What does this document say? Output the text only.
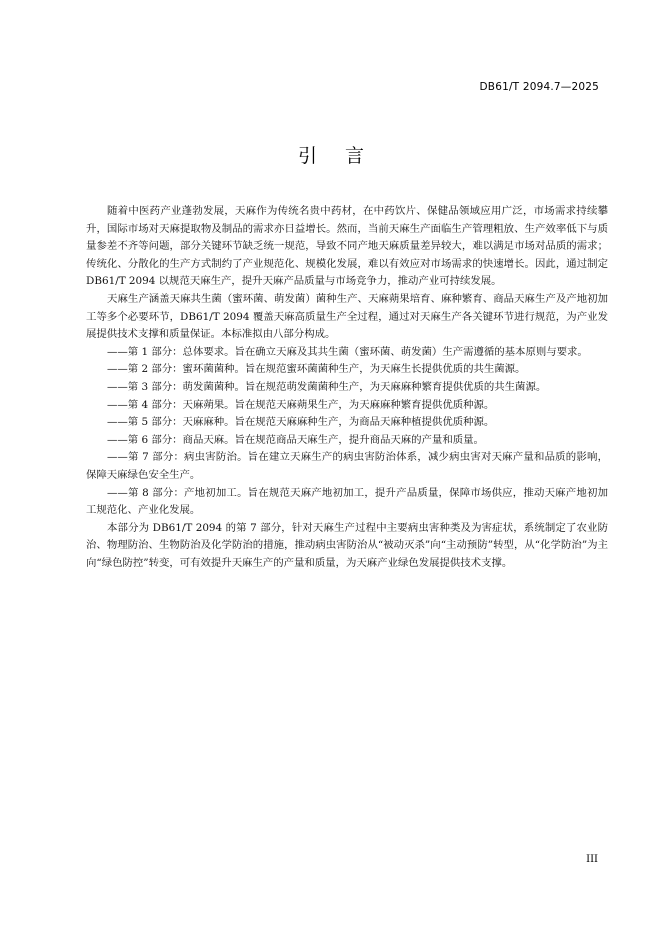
DB61/T 2094.7—2025
引言

随着中医药产业蓬勃发展，天麻作为传统名贵中药材，在中药饮片、保健品领域应用广泛，市场需求持续攀升，国际市场对天麻提取物及制品的需求亦日益增长。然而，当前天麻生产面临生产管理粗放、生产效率低下与质量参差不齐等问题，部分关键环节缺乏统一规范，导致不同产地天麻质量差异较大，难以满足市场对品质的需求；传统化、分散化的生产方式制约了产业规范化、规模化发展，难以有效应对市场需求的快速增长。因此，通过制定 DB61/T 2094 以规范天麻生产，提升天麻产品质量与市场竞争力，推动产业可持续发展。

天麻生产涵盖天麻共生菌（蜜环菌、萌发菌）菌种生产、天麻蒴果培育、麻种繁育、商品天麻生产及产地初加工等多个必要环节，DB61/T 2094 覆盖天麻高质量生产全过程，通过对天麻生产各关键环节进行规范，为产业发展提供技术支撑和质量保证。本标准拟由八部分构成。

——第 1 部分：总体要求。旨在确立天麻及其共生菌（蜜环菌、萌发菌）生产需遵循的基本原则与要求。

——第 2 部分：蜜环菌菌种。旨在规范蜜环菌菌种生产，为天麻生长提供优质的共生菌源。

——第 3 部分：萌发菌菌种。旨在规范萌发菌菌种生产，为天麻麻种繁育提供优质的共生菌源。

——第 4 部分：天麻蒴果。旨在规范天麻蒴果生产，为天麻麻种繁育提供优质种源。

——第 5 部分：天麻麻种。旨在规范天麻麻种生产，为商品天麻种植提供优质种源。

——第 6 部分：商品天麻。旨在规范商品天麻生产，提升商品天麻的产量和质量。

——第 7 部分：病虫害防治。旨在建立天麻生产的病虫害防治体系，减少病虫害对天麻产量和品质的影响，保障天麻绿色安全生产。

——第 8 部分：产地初加工。旨在规范天麻产地初加工，提升产品质量，保障市场供应，推动天麻产地初加工规范化、产业化发展。

本部分为 DB61/T 2094 的第 7 部分，针对天麻生产过程中主要病虫害种类及为害症状，系统制定了农业防治、物理防治、生物防治及化学防治的措施，推动病虫害防治从“被动灭杀”向“主动预防”转型，从“化学防治”为主向“绿色防控”转变，可有效提升天麻生产的产量和质量，为天麻产业绿色发展提供技术支撑。

III
